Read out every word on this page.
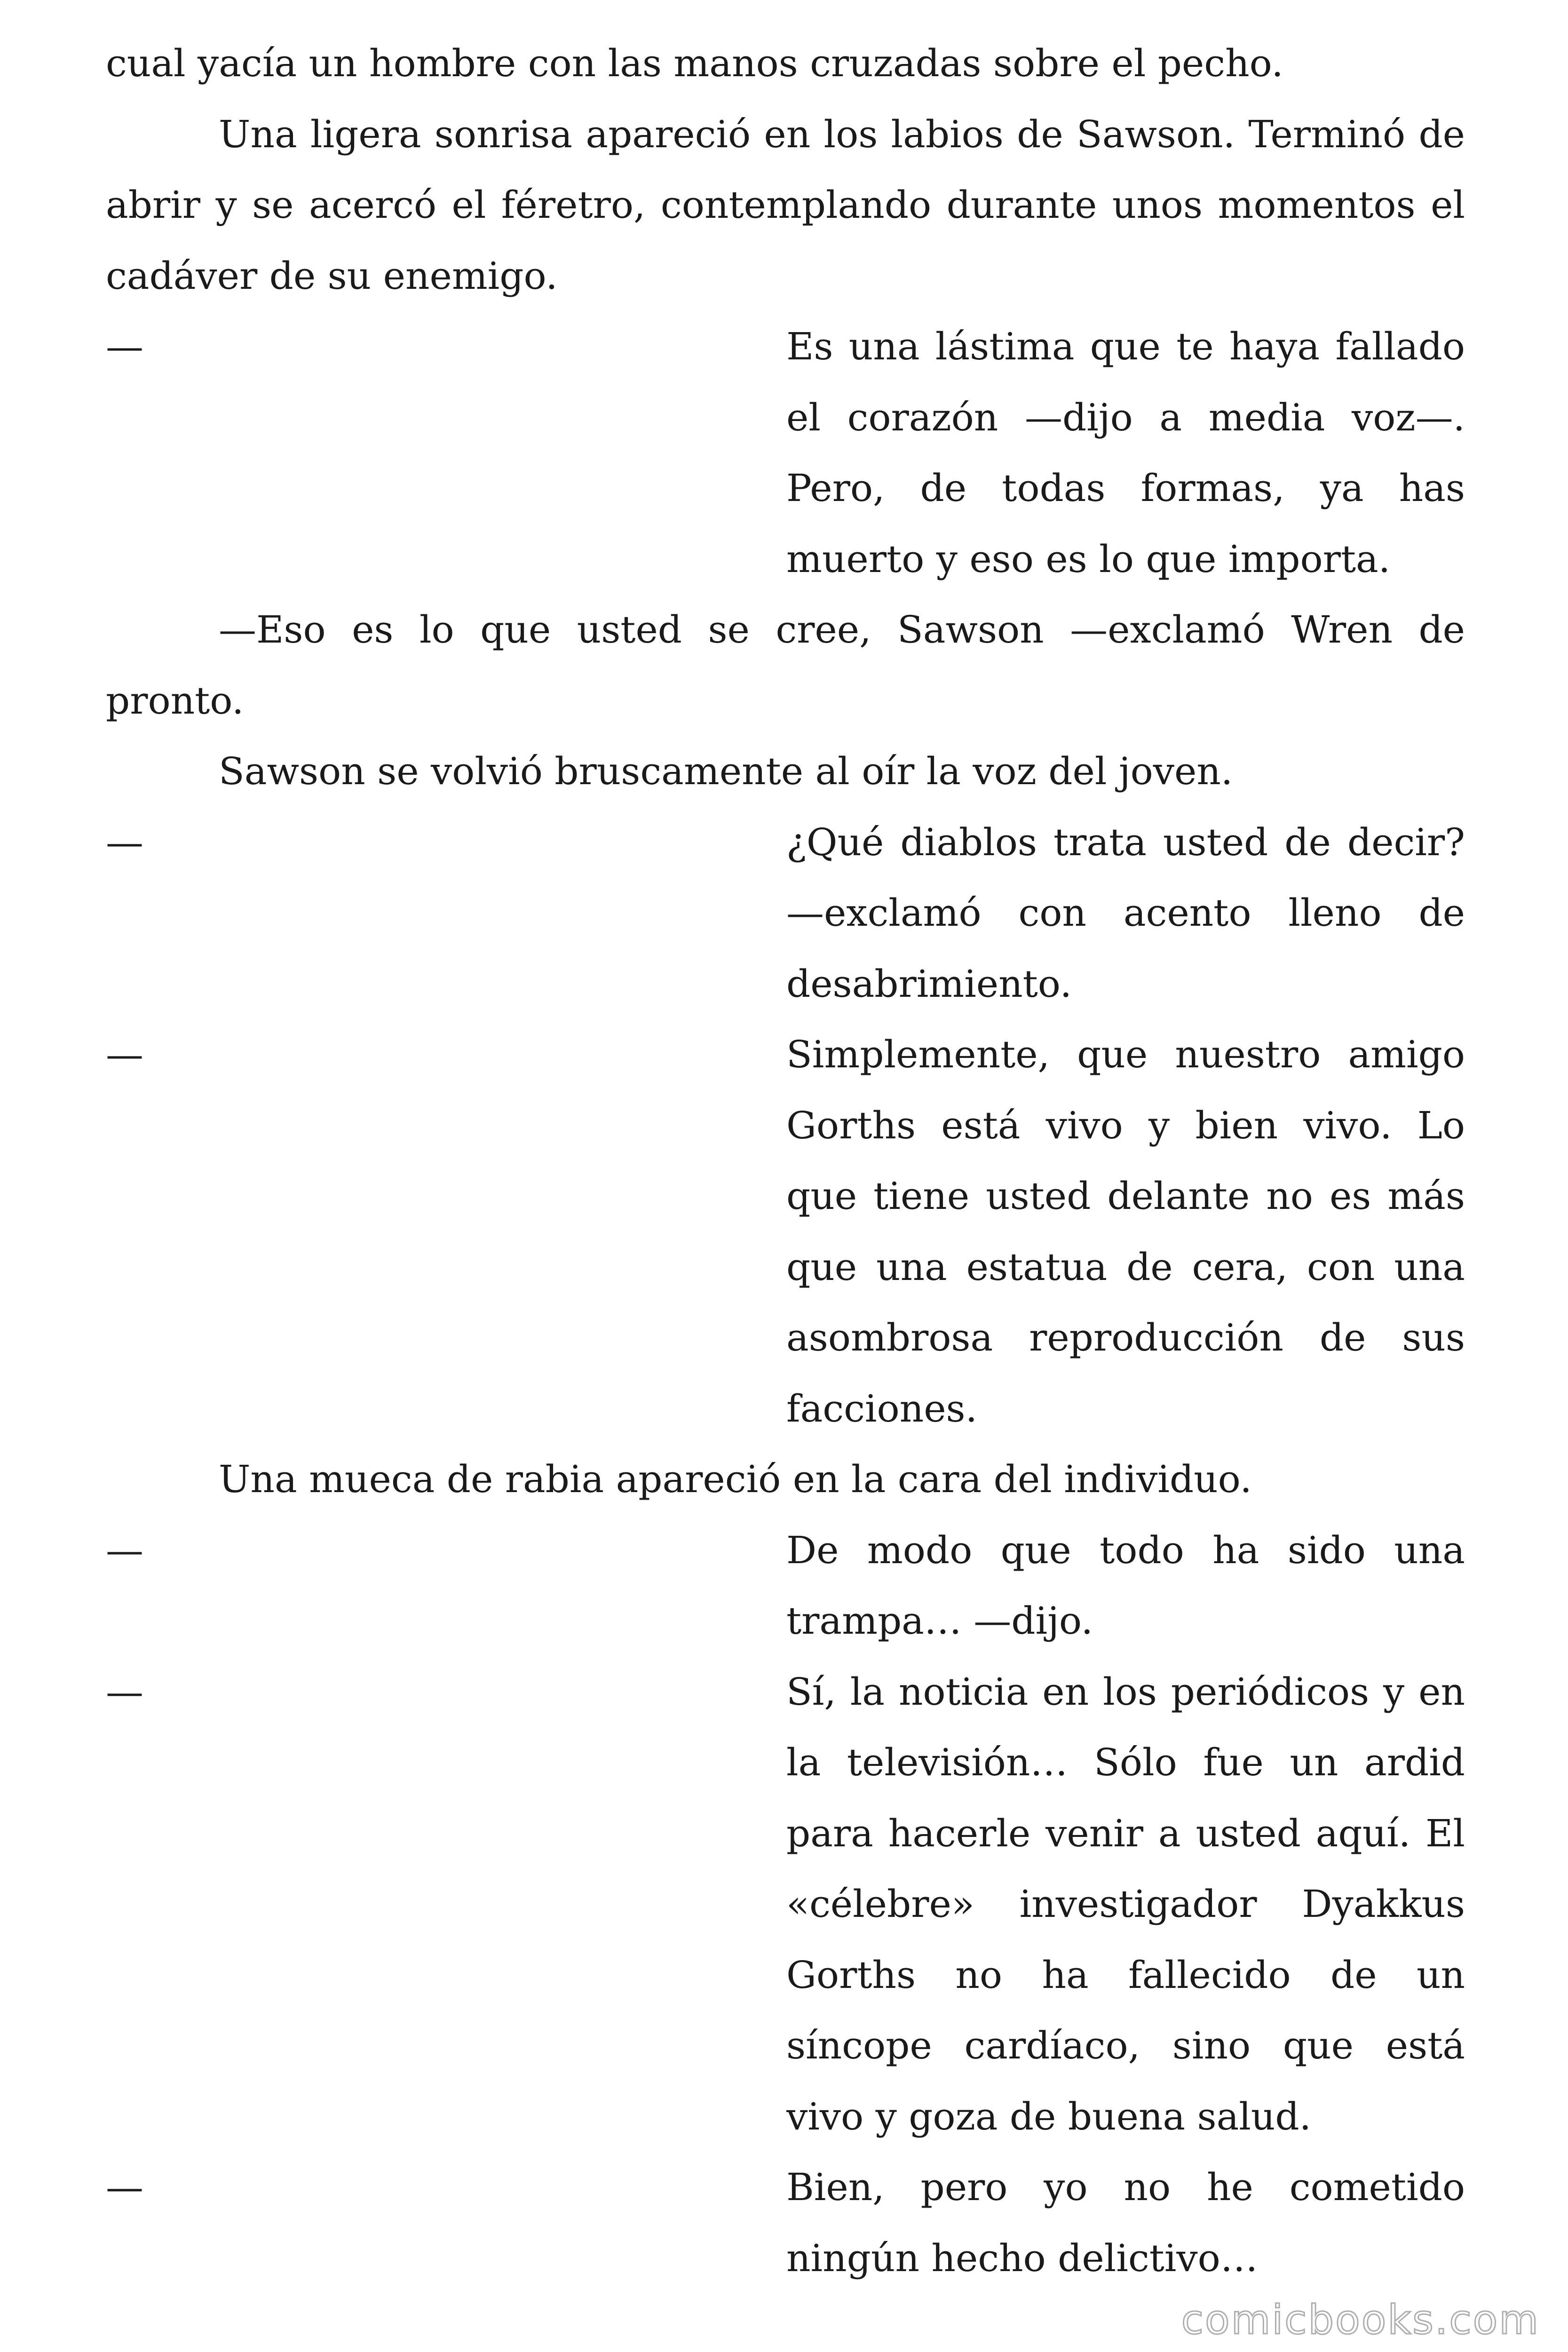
cual yacía un hombre con las manos cruzadas sobre el pecho.
Una ligera sonrisa apareció en los labios de Sawson. Terminó de
abrir y se acercó el féretro, contemplando durante unos momentos el
cadáver de su enemigo.
—	Es una lástima que te haya fallado
el corazón —dijo a media voz—.
Pero, de todas formas, ya has
muerto y eso es lo que importa.
—Eso es lo que usted se cree, Sawson —exclamó Wren de
pronto.
Sawson se volvió bruscamente al oír la voz del joven.
—	¿Qué diablos trata usted de decir?
—exclamó con acento lleno de
desabrimiento.
—	Simplemente, que nuestro amigo
Gorths está vivo y bien vivo. Lo
que tiene usted delante no es más
que una estatua de cera, con una
asombrosa reproducción de sus
facciones.
Una mueca de rabia apareció en la cara del individuo.
—	De modo que todo ha sido una
trampa… —dijo.
—	Sí, la noticia en los periódicos y en
la televisión… Sólo fue un ardid
para hacerle venir a usted aquí. El
«célebre» investigador Dyakkus
Gorths no ha fallecido de un
síncope cardíaco, sino que está
vivo y goza de buena salud.
—	Bien, pero yo no he cometido
ningún hecho delictivo…
comicbooks.com
